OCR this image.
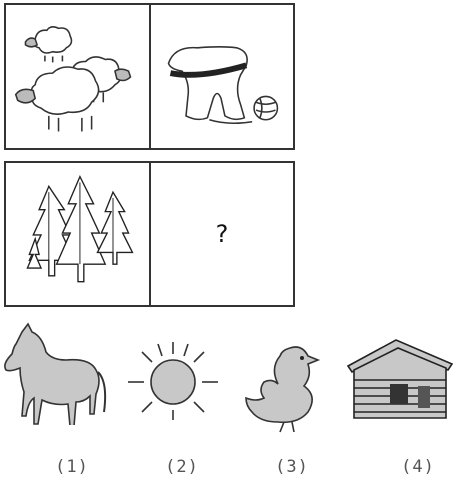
?
(1)	(2)	(3)	(4)
